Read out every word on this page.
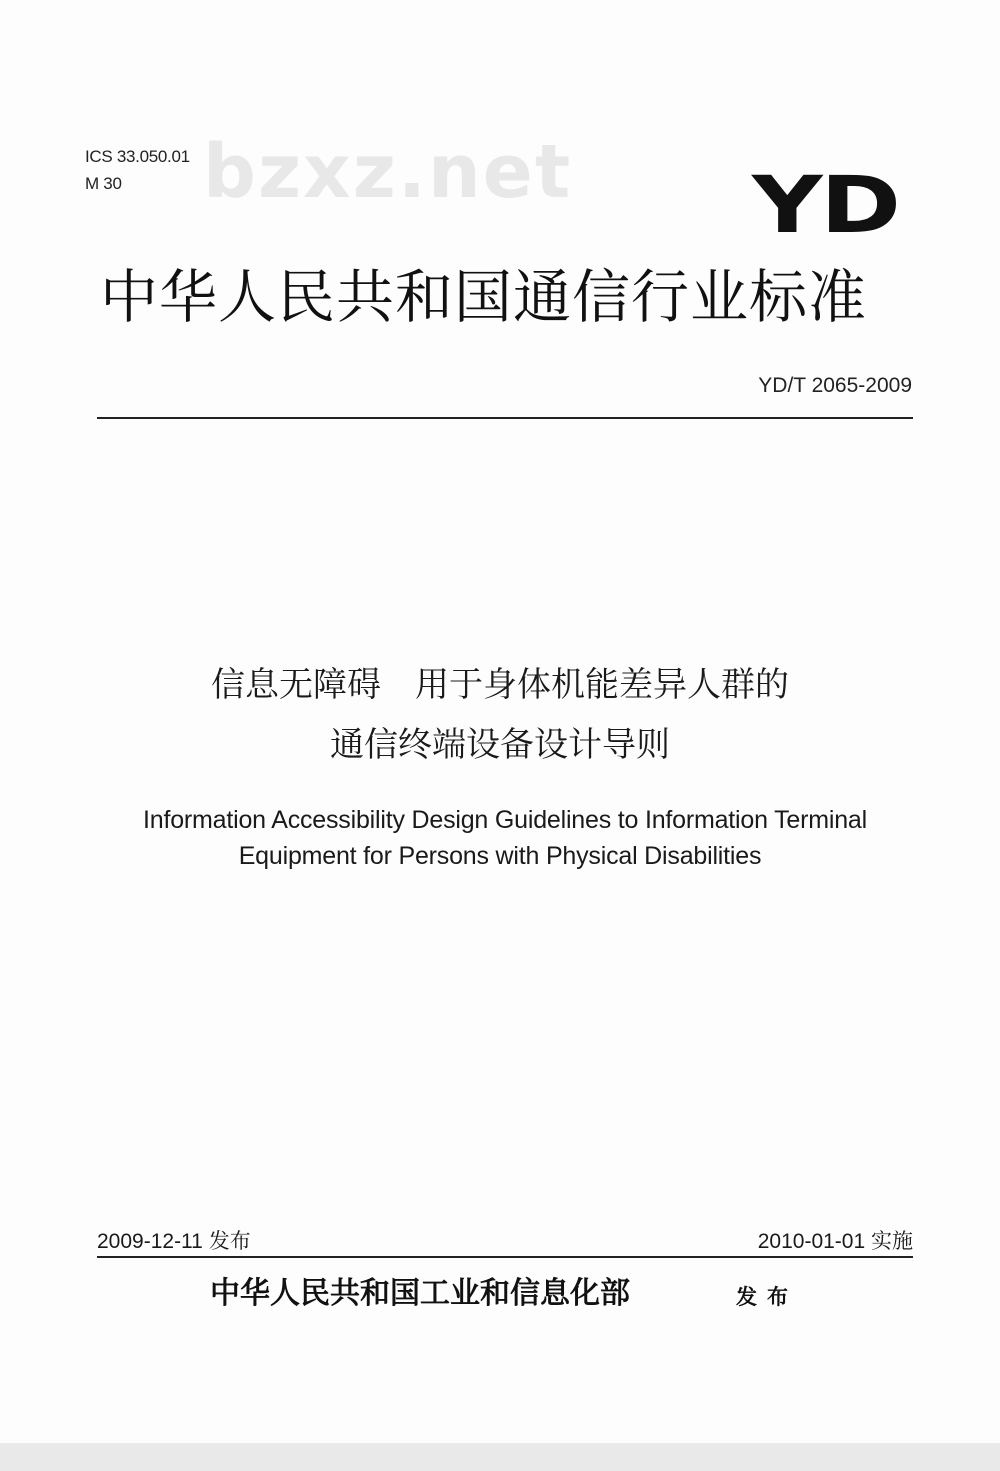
ICS 33.050.01
M 30	bzxz.net YD
中华人民共和国通信行业标准
YD/T 2065-2009
信息无障碍　用于身体机能差异人群的
通信终端设备设计导则
Information Accessibility Design Guidelines to Information Terminal
Equipment for Persons with Physical Disabilities
2009-12-11 发布	2010-01-01 实施
中华人民共和国工业和信息化部	发布
